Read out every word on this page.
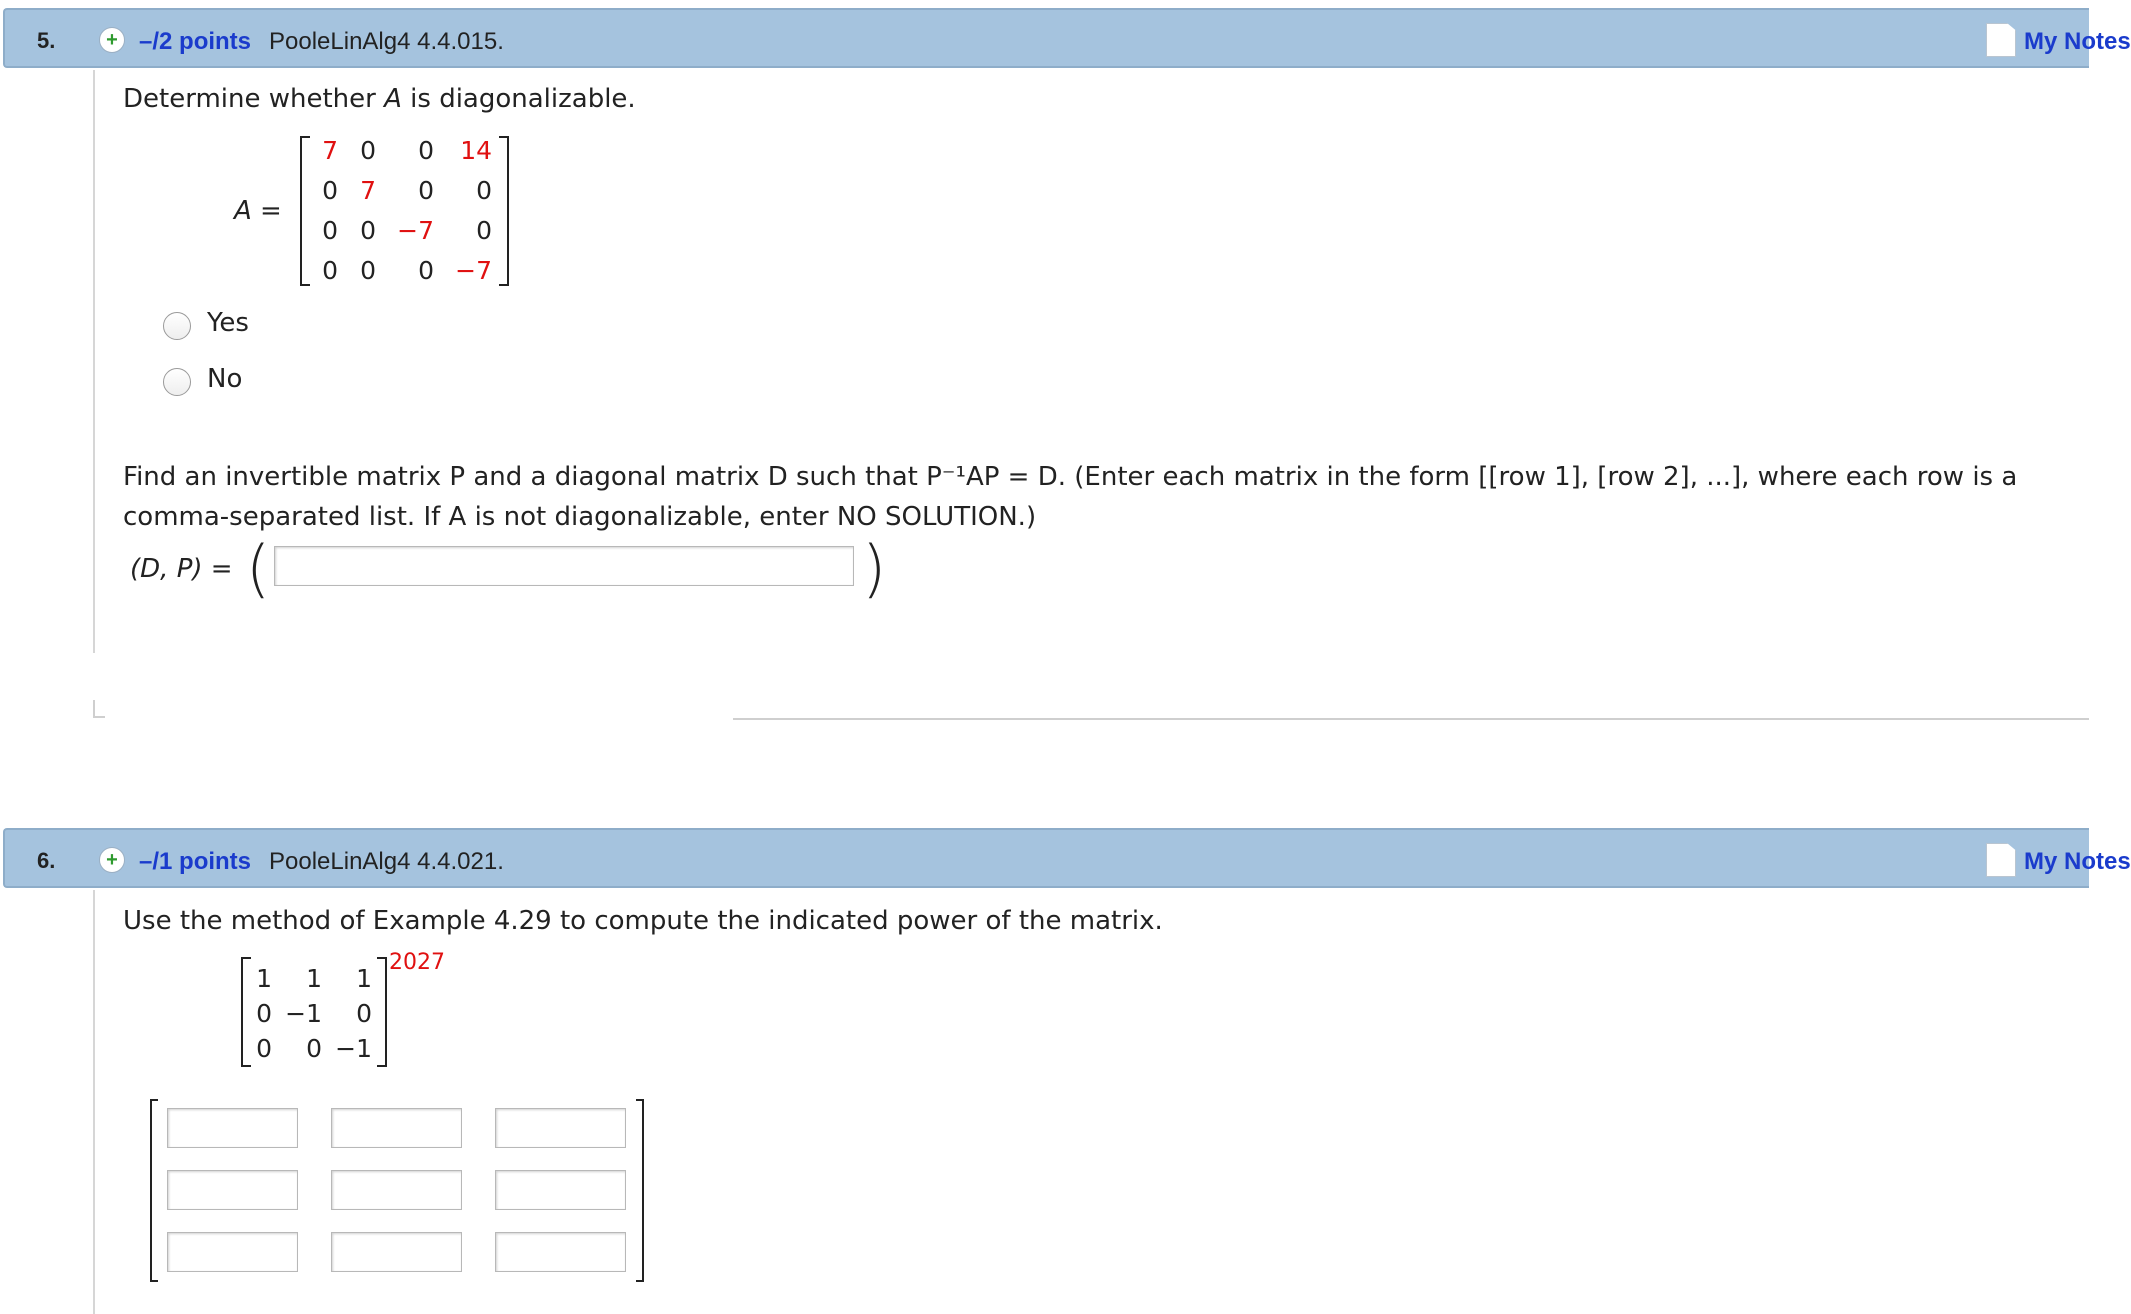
5.	+ –/2 points PooleLinAlg4 4.4.015.	My Notes
Determine whether A is diagonalizable.
A =
7 0	0	14
0 7	0	0
0 0 −7	0
0 0	0 −7
Yes
No
Find an invertible matrix P and a diagonal matrix D such that P⁻¹AP = D. (Enter each matrix in the form [[row 1], [row 2], ...], where each row is a
comma-separated list. If A is not diagonalizable, enter NO SOLUTION.)
(D, P) = (	)
6.	+ –/1 points PooleLinAlg4 4.4.021.	My Notes
Use the method of Example 4.29 to compute the indicated power of the matrix.
1	1	1
0 −1	0
0	0 −1
2027
